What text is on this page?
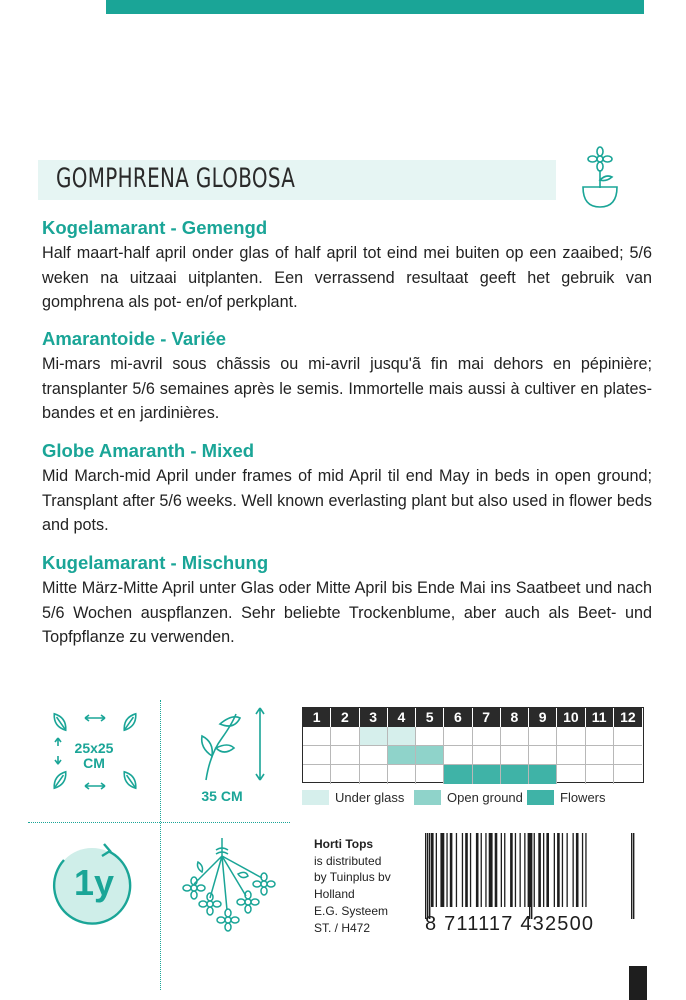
GOMPHRENA GLOBOSA
Kogelamarant - Gemengd

Half maart-half april onder glas of half april tot eind mei buiten op een zaaibed; 5/6 weken na uitzaai uitplanten. Een verrassend resultaat geeft het gebruik van gomphrena als pot- en/of perkplant.

Amarantoide - Variée

Mi-mars mi-avril sous chãssis ou mi-avril jusqu'ã fin mai dehors en pépinière; transplanter 5/6 semaines après le semis. Immortelle mais aussi à cultiver en plates-bandes et en jardinières.

Globe Amaranth - Mixed

Mid March-mid April under frames of mid April til end May in beds in open ground; Transplant after 5/6 weeks. Well known everlasting plant but also used in flower beds and pots.

Kugelamarant - Mischung

Mitte März-Mitte April unter Glas oder Mitte April bis Ende Mai ins Saatbeet und nach 5/6 Wochen auspflanzen. Sehr beliebte Trockenblume, aber auch als Beet- und Topfpflanze zu verwenden.

25x25
CM
35 CM
1y
1	2	3	4	5	6	7	8	9	10 11 12
Under glass	Open ground	Flowers
Horti Tops
is distributed
by Tuinplus bv
Holland
E.G. Systeem
ST. / H472	8 711117 432500
